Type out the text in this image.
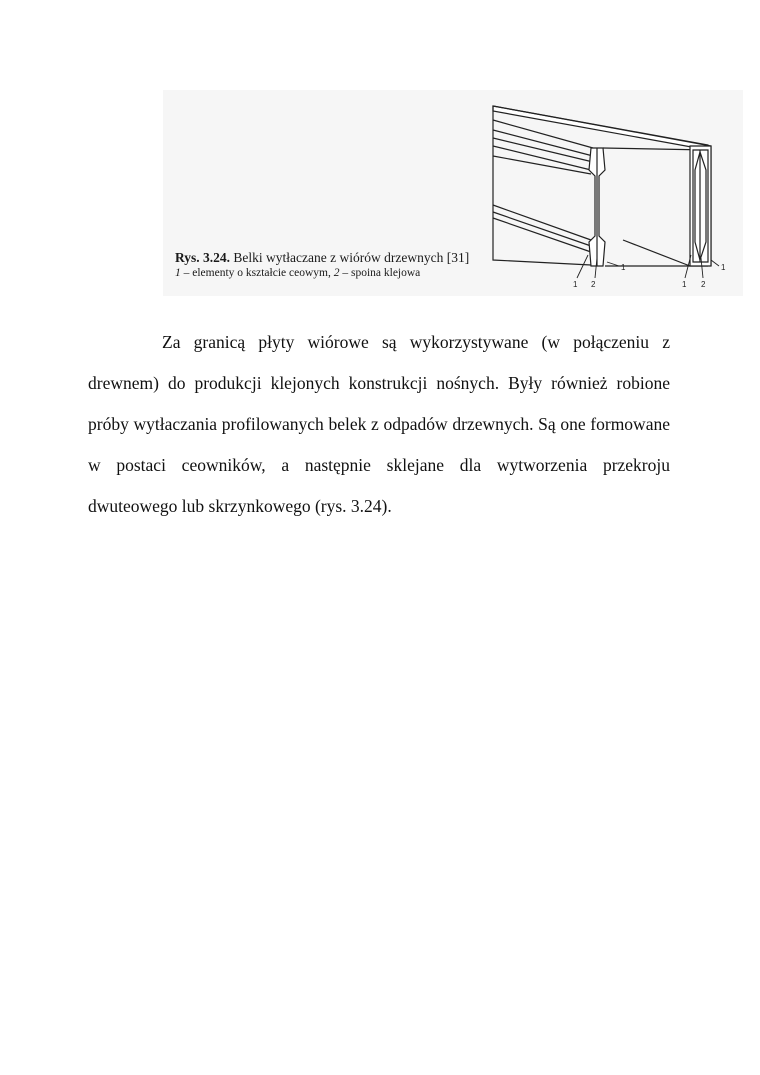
1 2
1
1 2
1
Rys. 3.24. Belki wytłaczane z wiórów drzewnych [31]
1 – elementy o kształcie ceowym, 2 – spoina klejowa

Za granicą płyty wiórowe są wykorzystywane (w połączeniu z drewnem) do produkcji klejonych konstrukcji nośnych. Były również robione próby wytłaczania profilowanych belek z odpadów drzewnych. Są one formowane w postaci ceowników, a następnie sklejane dla wytworzenia przekroju dwuteowego lub skrzynkowego (rys. 3.24).
